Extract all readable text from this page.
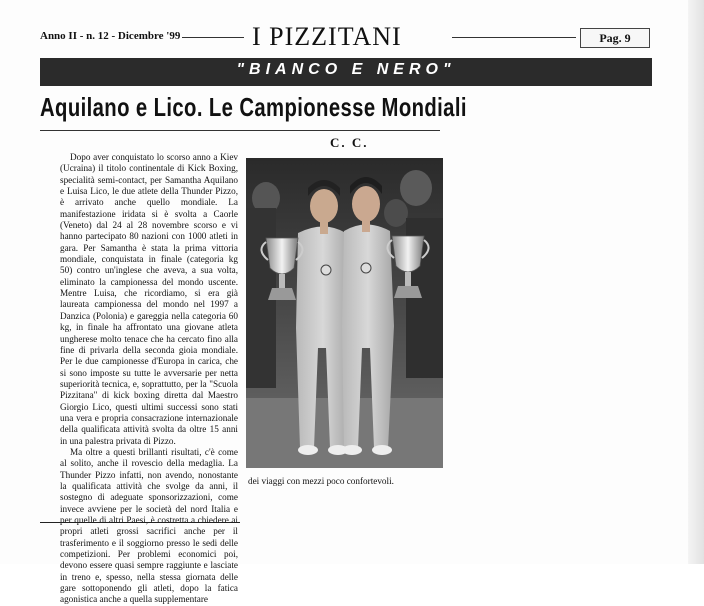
Anno II - n. 12 - Dicembre '99	I PIZZITANI	Pag. 9
"BIANCO E NERO"
Aquilano e Lico. Le Campionesse Mondiali
C. C.

Dopo aver conquistato lo scorso anno a Kiev (Ucraina) il titolo continentale di Kick Boxing, specialità semi-contact, per Samantha Aquilano e Luisa Lico, le due atlete della Thunder Pizzo, è arrivato anche quello mondiale. La manifestazione iridata si è svolta a Caorle (Veneto) dal 24 al 28 novembre scorso e vi hanno partecipato 80 nazioni con 1000 atleti in gara. Per Samantha è stata la prima vittoria mondiale, conquistata in finale (categoria kg 50) contro un'inglese che aveva, a sua volta, eliminato la campionessa del mondo uscente. Mentre Luisa, che ricordiamo, si era già laureata campionessa del mondo nel 1997 a Danzica (Polonia) e gareggia nella categoria 60 kg, in finale ha affrontato una giovane atleta ungherese molto tenace che ha cercato fino alla fine di privarla della seconda gioia mondiale. Per le due campionesse d'Europa in carica, che si sono imposte su tutte le avversarie per netta superiorità tecnica, e, soprattutto, per la "Scuola Pizzitana" di kick boxing diretta dal Maestro Giorgio Lico, questi ultimi successi sono stati una vera e propria consacrazione internazionale della qualificata attività svolta da oltre 15 anni in una palestra privata di Pizzo.

Ma oltre a questi brillanti risultati, c'è come al solito, anche il rovescio della medaglia. La Thunder Pizzo infatti, non avendo, nonostante la qualificata attività che svolge da anni, il sostegno di adeguate sponsorizzazioni, come invece avviene per le società del nord Italia e per quelle di altri Paesi, è costretta a chiedere ai propri atleti grossi sacrifici anche per il trasferimento e il soggiorno presso le sedi delle competizioni. Per problemi economici poi, devono essere quasi sempre raggiunte e lasciate in treno e, spesso, nella stessa giornata delle gare sottoponendo gli atleti, dopo la fatica agonistica anche a quella supplementare

dei viaggi con mezzi poco confortevoli.
